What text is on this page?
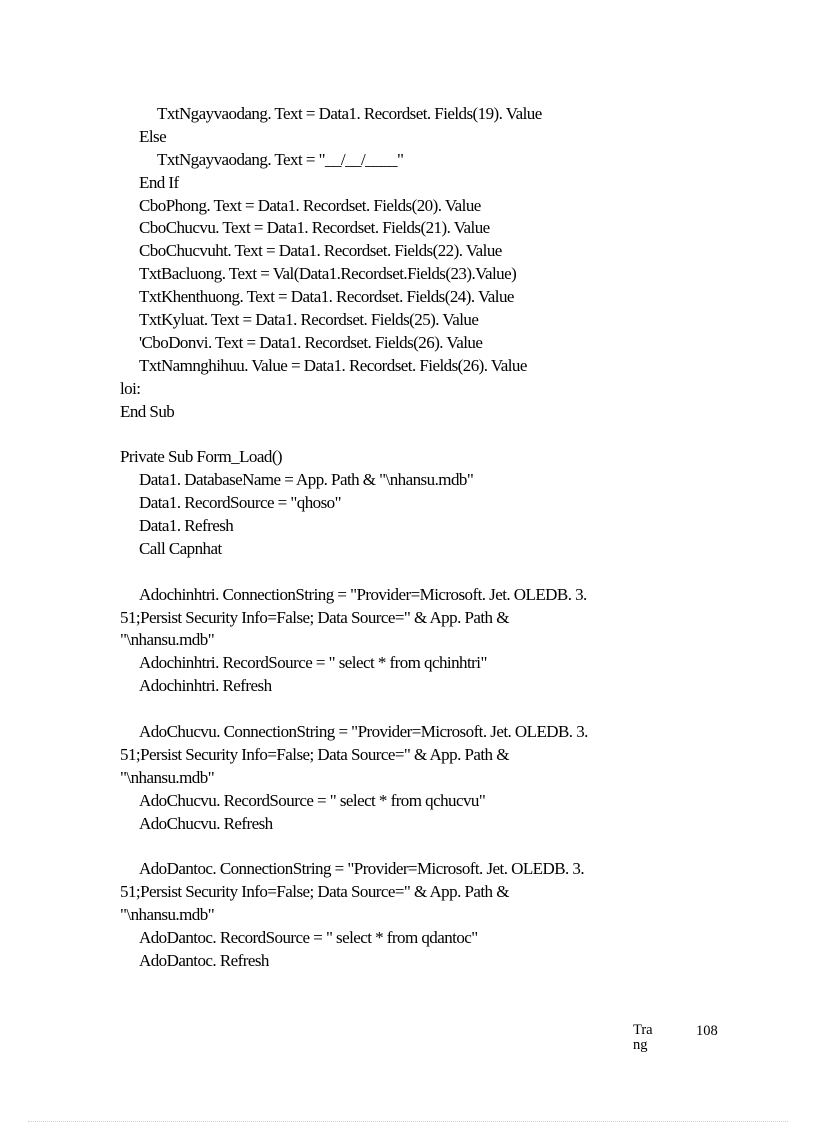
TxtNgayvaodang. Text = Data1. Recordset. Fields(19). Value
Else
TxtNgayvaodang. Text = "__/__/____"
End If
CboPhong. Text = Data1. Recordset. Fields(20). Value
CboChucvu. Text = Data1. Recordset. Fields(21). Value
CboChucvuht. Text = Data1. Recordset. Fields(22). Value
TxtBacluong. Text = Val(Data1.Recordset.Fields(23).Value)
TxtKhenthuong. Text = Data1. Recordset. Fields(24). Value
TxtKyluat. Text = Data1. Recordset. Fields(25). Value
'CboDonvi. Text = Data1. Recordset. Fields(26). Value
TxtNamnghihuu. Value = Data1. Recordset. Fields(26). Value
loi:
End Sub
Private Sub Form_Load()
Data1. DatabaseName = App. Path & "\nhansu.mdb"
Data1. RecordSource = "qhoso"
Data1. Refresh
Call Capnhat
Adochinhtri. ConnectionString = "Provider=Microsoft. Jet. OLEDB. 3.
51;Persist Security Info=False; Data Source=" & App. Path &
"\nhansu.mdb"
Adochinhtri. RecordSource = " select * from qchinhtri"
Adochinhtri. Refresh
AdoChucvu. ConnectionString = "Provider=Microsoft. Jet. OLEDB. 3.
51;Persist Security Info=False; Data Source=" & App. Path &
"\nhansu.mdb"
AdoChucvu. RecordSource = " select * from qchucvu"
AdoChucvu. Refresh
AdoDantoc. ConnectionString = "Provider=Microsoft. Jet. OLEDB. 3.
51;Persist Security Info=False; Data Source=" & App. Path &
"\nhansu.mdb"
AdoDantoc. RecordSource = " select * from qdantoc"
AdoDantoc. Refresh
Trang
108
